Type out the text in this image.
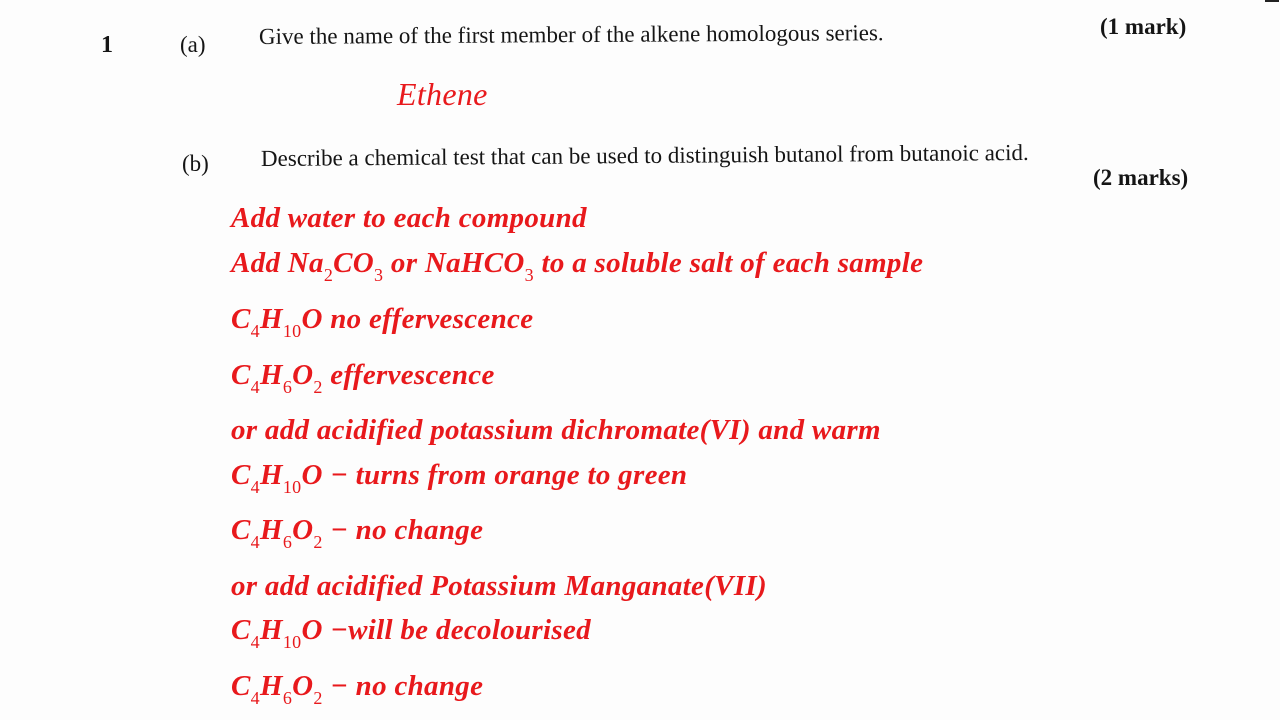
1	(a) Give the name of the first member of the alkene homologous series.	(1 mark)
Ethene
(b) Describe a chemical test that can be used to distinguish butanol from butanoic acid.
(2 marks)
Add water to each compound
Add $Na_2CO_3$ or NaHCO$_3$ to a soluble salt of each sample
$C_4H_{10}O$ no effervescence
$C_4H_6O_2$ effervescence
or add acidified potassium dichromate(VI) and warm
$C_4H_{10}O$ − turns from orange to green
$C_4H_6O_2$ − no change
or add acidified Potassium Manganate(VII)
$C_4H_{10}O$ −will be decolourised
$C_4H_6O_2$ − no change
